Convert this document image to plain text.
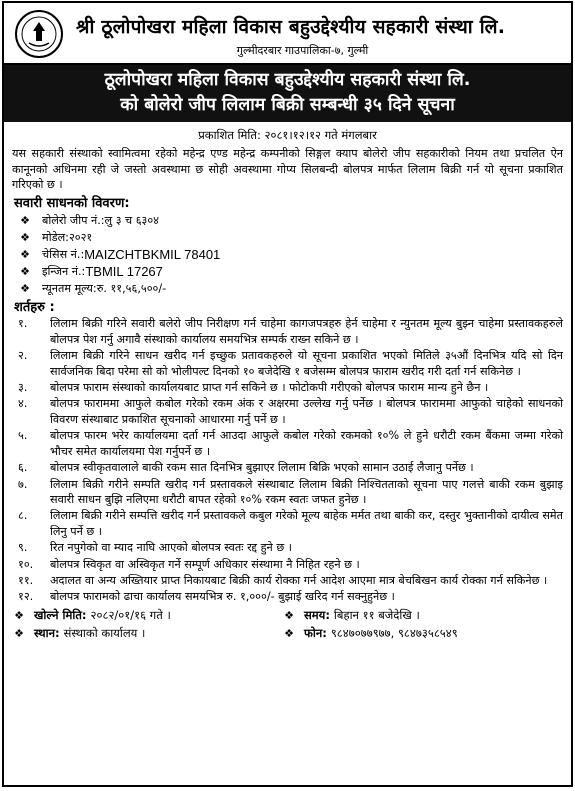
श्री ठूलोपोखरा महिला विकास बहुउद्देश्यीय सहकारी संस्था लि.
गुल्मीदरबार गाउपालिका-७, गुल्मी
ठूलोपोखरा महिला विकास बहुउद्देश्यीय सहकारी संस्था लि.
को बोलेरो जीप लिलाम बिक्री सम्बन्धी ३५ दिने सूचना
प्रकाशित मिति: २०८१।१२।१२ गते मंगलबार
यस सहकारी संस्थाको स्वामित्वमा रहेको महेन्द्र एण्ड महेन्द्र कम्पनीको सिङ्गल क्याप बोलेरो जीप सहकारीको नियम तथा प्रचलित ऐन कानूनको अधिनमा रही जे जस्तो अवस्थामा छ सोही अवस्थामा गोप्य सिलबन्दी बोलपत्र मार्फत लिलाम बिक्री गर्न यो सूचना प्रकाशित गरिएको छ ।
सवारी साधनको विवरण:
❖ बोलेरो जीप नं.: लु ३ च ६३०४
❖ मोडेल: २०२१
❖ चेसिस नं.: MAIZCHTBKMIL 78401
❖ इन्जिन नं.: TBMIL 17267
❖ न्यूनतम मूल्य: रु. ११,५६,५००/-
शर्तहरु :
१.	लिलाम बिक्री गरिने सवारी बलेरो जीप निरीक्षण गर्न चाहेमा कागजपत्रहरु हेर्न चाहेमा र न्युनतम मूल्य बुझ्न चाहेमा प्रस्तावकहरुले बोलपत्र पेश गर्नु अगावै संस्थाको कार्यालय समयभित्र सम्पर्क राख्न सकिने छ ।
२.	लिलाम बिक्री गरिने साधन खरीद गर्न इच्छुक प्रतावकहरुले यो सूचना प्रकाशित भएको मितिले ३५औं दिनभित्र यदि सो दिन सार्वजनिक बिदा परेमा सो को भोलीपल्ट दिनको १० बजेदेखि १ बजेसम्म बोलपत्र फाराम खरीद गरी दर्ता गर्न सकिनेछ ।
३.	बोलपत्र फाराम संस्थाको कार्यालयबाट प्राप्त गर्न सकिने छ । फोटोकपी गरीएको बोलपत्र फाराम मान्य हुने छैन ।
४.	बोलपत्र फाराममा आफुले कबोल गरेको रकम अंक र अक्षरमा उल्लेख गर्नु पर्नेछ । बोलपत्र फाराममा आफुको चाहेको साधनको विवरण संस्थाबाट प्रकाशित सूचनाको आधारमा गर्नु पर्ने छ ।
५.	बोलपत्र फारम भरेर कार्यालयमा दर्ता गर्न आउदा आफुले कबोल गरेको रकमको १०% ले हुने धरौटी रकम बैंकमा जम्मा गरेको भौचर समेत कार्यालयमा पेश गर्नुपर्ने छ ।
६.	बोलपत्र स्वीकृतवालाले बाकी रकम सात दिनभित्र बुझाएर लिलाम बिक्रि भएको सामान उठाई लैजानु पर्नेछ ।
७.	लिलाम बिक्री गरीने सम्पति खरीद गर्न प्रस्तावकले संस्थाबाट लिलाम बिक्री निश्चितताको सूचना पाए गलत्ते बाकी रकम बुझाइ सवारी साधन बुझि नलिएमा धरौटी बापत रहेको १०% रकम स्वतः जफत हुनेछ ।
८.	लिलाम बिक्री गरीने सम्पत्ति खरीद गर्न प्रस्तावकले कबुल गरेको मूल्य बाहेक मर्मत तथा बाकी कर, दस्तुर भुक्तानीको दायीत्व समेत लिनु पर्ने छ ।
९.	रित नपुगेको वा म्याद नाघि आएको बोलपत्र स्वतः रद्द हुने छ ।
१०.	बोलपत्र स्विकृत वा अस्विकृत गर्ने सम्पूर्ण अधिकार संस्थामा नै निहित रहने छ ।
११.	अदालत वा अन्य अख्तियार प्राप्त निकायबाट बिक्री कार्य रोक्का गर्न आदेश आएमा मात्र बेचबिखन कार्य रोक्का गर्न सकिनेछ ।
१२.	बोलपत्र फारामको ढाचा कार्यालय समयभित्र रु. १,०००/- बुझाई खरिद गर्न सक्नुहुनेछ ।
❖ खोल्ने मिति: २०८२/०१/१६ गते ।	❖ समय: बिहान ११ बजेदेखि ।
❖ स्थान: संस्थाको कार्यालय ।	❖ फोन: ९८४७०७७९७७, ९८४७३५८५४९
